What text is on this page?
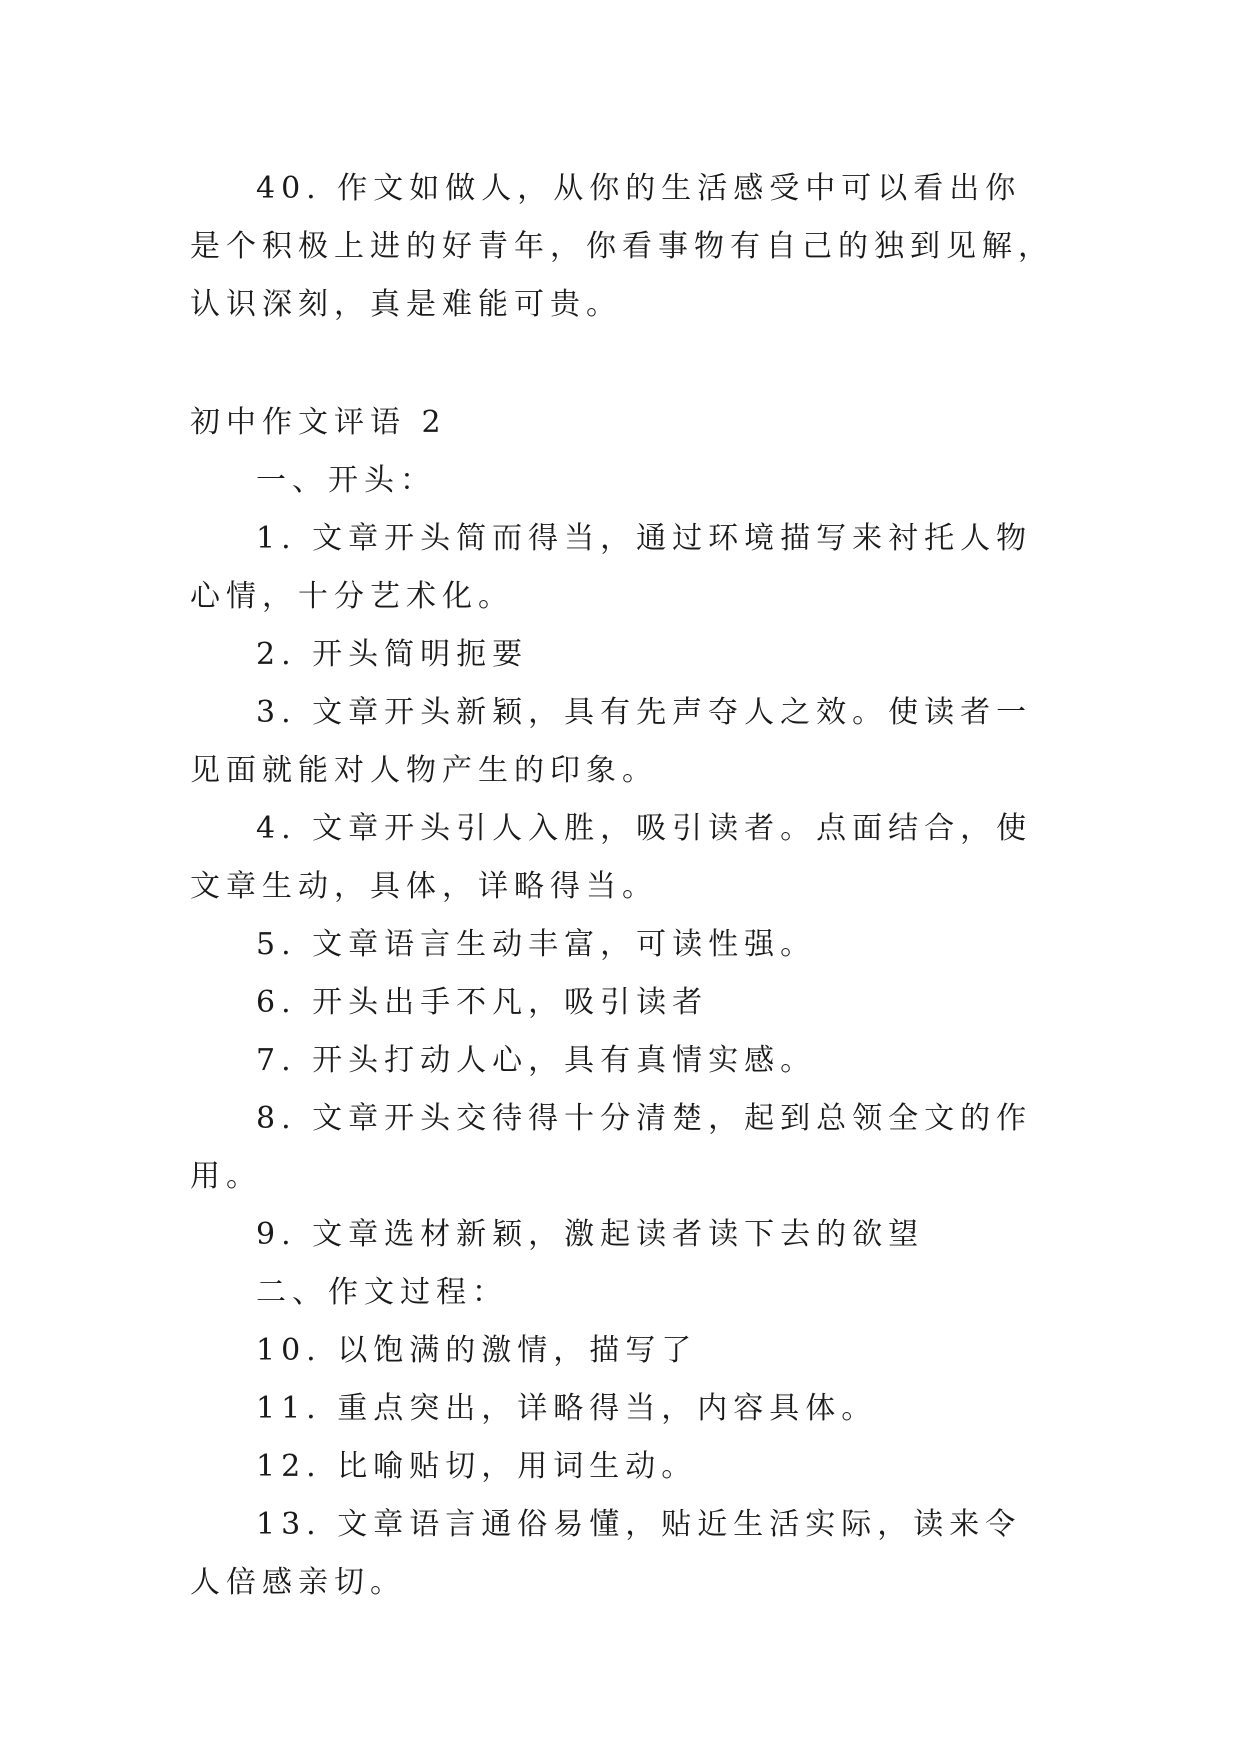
40. 作文如做人，从你的生活感受中可以看出你是个积极上进的好青年，你看事物有自己的独到见解，认识深刻，真是难能可贵。

初中作文评语 2

一、开头：

1. 文章开头简而得当，通过环境描写来衬托人物心情，十分艺术化。

2. 开头简明扼要

3. 文章开头新颖，具有先声夺人之效。使读者一见面就能对人物产生的印象。

4. 文章开头引人入胜，吸引读者。点面结合，使文章生动，具体，详略得当。

5. 文章语言生动丰富，可读性强。

6. 开头出手不凡，吸引读者

7. 开头打动人心，具有真情实感。

8. 文章开头交待得十分清楚，起到总领全文的作用。

9. 文章选材新颖，激起读者读下去的欲望

二、作文过程：

10. 以饱满的激情，描写了

11. 重点突出，详略得当，内容具体。

12. 比喻贴切，用词生动。

13. 文章语言通俗易懂，贴近生活实际，读来令人倍感亲切。
